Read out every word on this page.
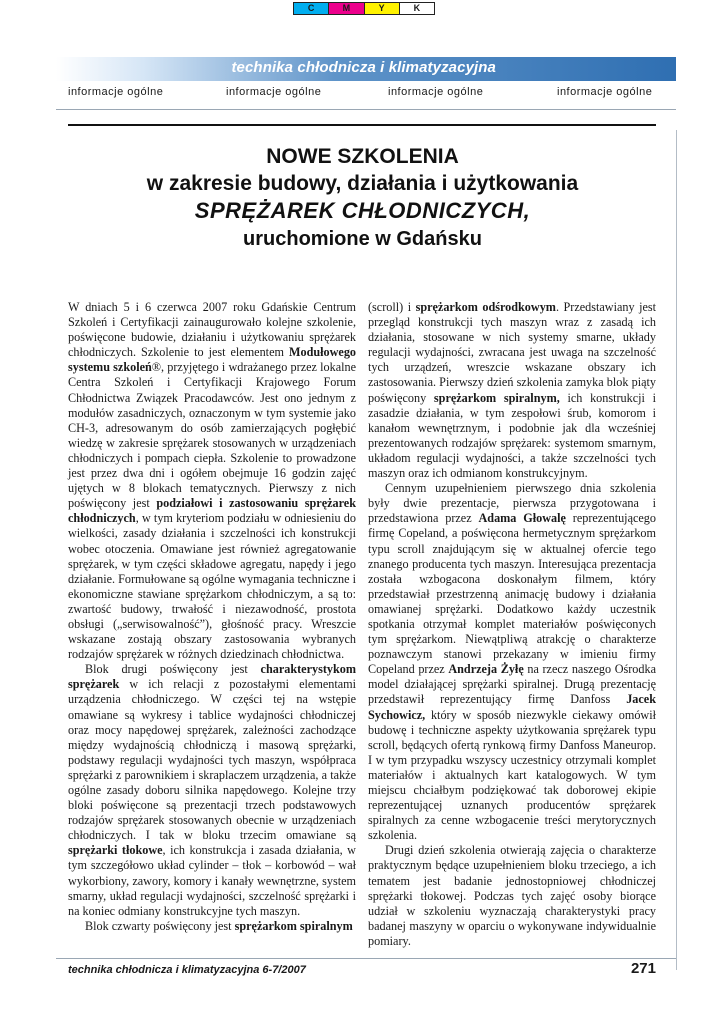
C	M	Y	K
technika chłodnicza i klimatyzacyjna
informacje ogólne	informacje ogólne	informacje ogólne	informacje ogólne
NOWE SZKOLENIA
w zakresie budowy, działania i użytkowania
SPRĘŻAREK CHŁODNICZYCH,
uruchomione w Gdańsku

W dniach 5 i 6 czerwca 2007 roku Gdańskie Centrum Szkoleń i Certyfikacji zainaugurowało kolejne szkolenie, poświęcone budowie, działaniu i użytkowaniu sprężarek chłodniczych. Szkolenie to jest elementem Modułowego systemu szkoleń®, przyjętego i wdrażanego przez lokalne Centra Szkoleń i Certyfikacji Krajowego Forum Chłodnictwa Związek Pracodawców. Jest ono jednym z modułów zasadniczych, oznaczonym w tym systemie jako CH-3, adresowanym do osób zamierzających pogłębić wiedzę w zakresie sprężarek stosowanych w urządzeniach chłodniczych i pompach ciepła. Szkolenie to prowadzone jest przez dwa dni i ogółem obejmuje 16 godzin zajęć ujętych w 8 blokach tematycznych. Pierwszy z nich poświęcony jest podziałowi i zastosowaniu sprężarek chłodniczych, w tym kryteriom podziału w odniesieniu do wielkości, zasady działania i szczelności ich konstrukcji wobec otoczenia. Omawiane jest również agregatowanie sprężarek, w tym części składowe agregatu, napędy i jego działanie. Formułowane są ogólne wymagania techniczne i ekonomiczne stawiane sprężarkom chłodniczym, a są to: zwartość budowy, trwałość i niezawodność, prostota obsługi („serwisowalność”), głośność pracy. Wreszcie wskazane zostają obszary zastosowania wybranych rodzajów sprężarek w różnych dziedzinach chłodnictwa.

Blok drugi poświęcony jest charakterystykom sprężarek w ich relacji z pozostałymi elementami urządzenia chłodniczego. W części tej na wstępie omawiane są wykresy i tablice wydajności chłodniczej oraz mocy napędowej sprężarek, zależności zachodzące między wydajnością chłodniczą i masową sprężarki, podstawy regulacji wydajności tych maszyn, współpraca sprężarki z parownikiem i skraplaczem urządzenia, a także ogólne zasady doboru silnika napędowego. Kolejne trzy bloki poświęcone są prezentacji trzech podstawowych rodzajów sprężarek stosowanych obecnie w urządzeniach chłodniczych. I tak w bloku trzecim omawiane są sprężarki tłokowe, ich konstrukcja i zasada działania, w tym szczegółowo układ cylinder – tłok – korbowód – wał wykorbiony, zawory, komory i kanały wewnętrzne, system smarny, układ regulacji wydajności, szczelność sprężarki i na koniec odmiany konstrukcyjne tych maszyn.

Blok czwarty poświęcony jest sprężarkom spiralnym

(scroll) i sprężarkom odśrodkowym. Przedstawiany jest przegląd konstrukcji tych maszyn wraz z zasadą ich działania, stosowane w nich systemy smarne, układy regulacji wydajności, zwracana jest uwaga na szczelność tych urządzeń, wreszcie wskazane obszary ich zastosowania. Pierwszy dzień szkolenia zamyka blok piąty poświęcony sprężarkom spiralnym, ich konstrukcji i zasadzie działania, w tym zespołowi śrub, komorom i kanałom wewnętrznym, i podobnie jak dla wcześniej prezentowanych rodzajów sprężarek: systemom smarnym, układom regulacji wydajności, a także szczelności tych maszyn oraz ich odmianom konstrukcyjnym.

Cennym uzupełnieniem pierwszego dnia szkolenia były dwie prezentacje, pierwsza przygotowana i przedstawiona przez Adama Głowalę reprezentującego firmę Copeland, a poświęcona hermetycznym sprężarkom typu scroll znajdującym się w aktualnej ofercie tego znanego producenta tych maszyn. Interesująca prezentacja została wzbogacona doskonałym filmem, który przedstawiał przestrzenną animację budowy i działania omawianej sprężarki. Dodatkowo każdy uczestnik spotkania otrzymał komplet materiałów poświęconych tym sprężarkom. Niewątpliwą atrakcję o charakterze poznawczym stanowi przekazany w imieniu firmy Copeland przez Andrzeja Żyłę na rzecz naszego Ośrodka model działającej sprężarki spiralnej. Drugą prezentację przedstawił reprezentujący firmę Danfoss Jacek Sychowicz, który w sposób niezwykle ciekawy omówił budowę i techniczne aspekty użytkowania sprężarek typu scroll, będących ofertą rynkową firmy Danfoss Maneurop. I w tym przypadku wszyscy uczestnicy otrzymali komplet materiałów i aktualnych kart katalogowych. W tym miejscu chciałbym podziękować tak doborowej ekipie reprezentującej uznanych producentów sprężarek spiralnych za cenne wzbogacenie treści merytorycznych szkolenia.

Drugi dzień szkolenia otwierają zajęcia o charakterze praktycznym będące uzupełnieniem bloku trzeciego, a ich tematem jest badanie jednostopniowej chłodniczej sprężarki tłokowej. Podczas tych zajęć osoby biorące udział w szkoleniu wyznaczają charakterystyki pracy badanej maszyny w oparciu o wykonywane indywidualnie pomiary.

technika chłodnicza i klimatyzacyjna 6-7/2007	271
